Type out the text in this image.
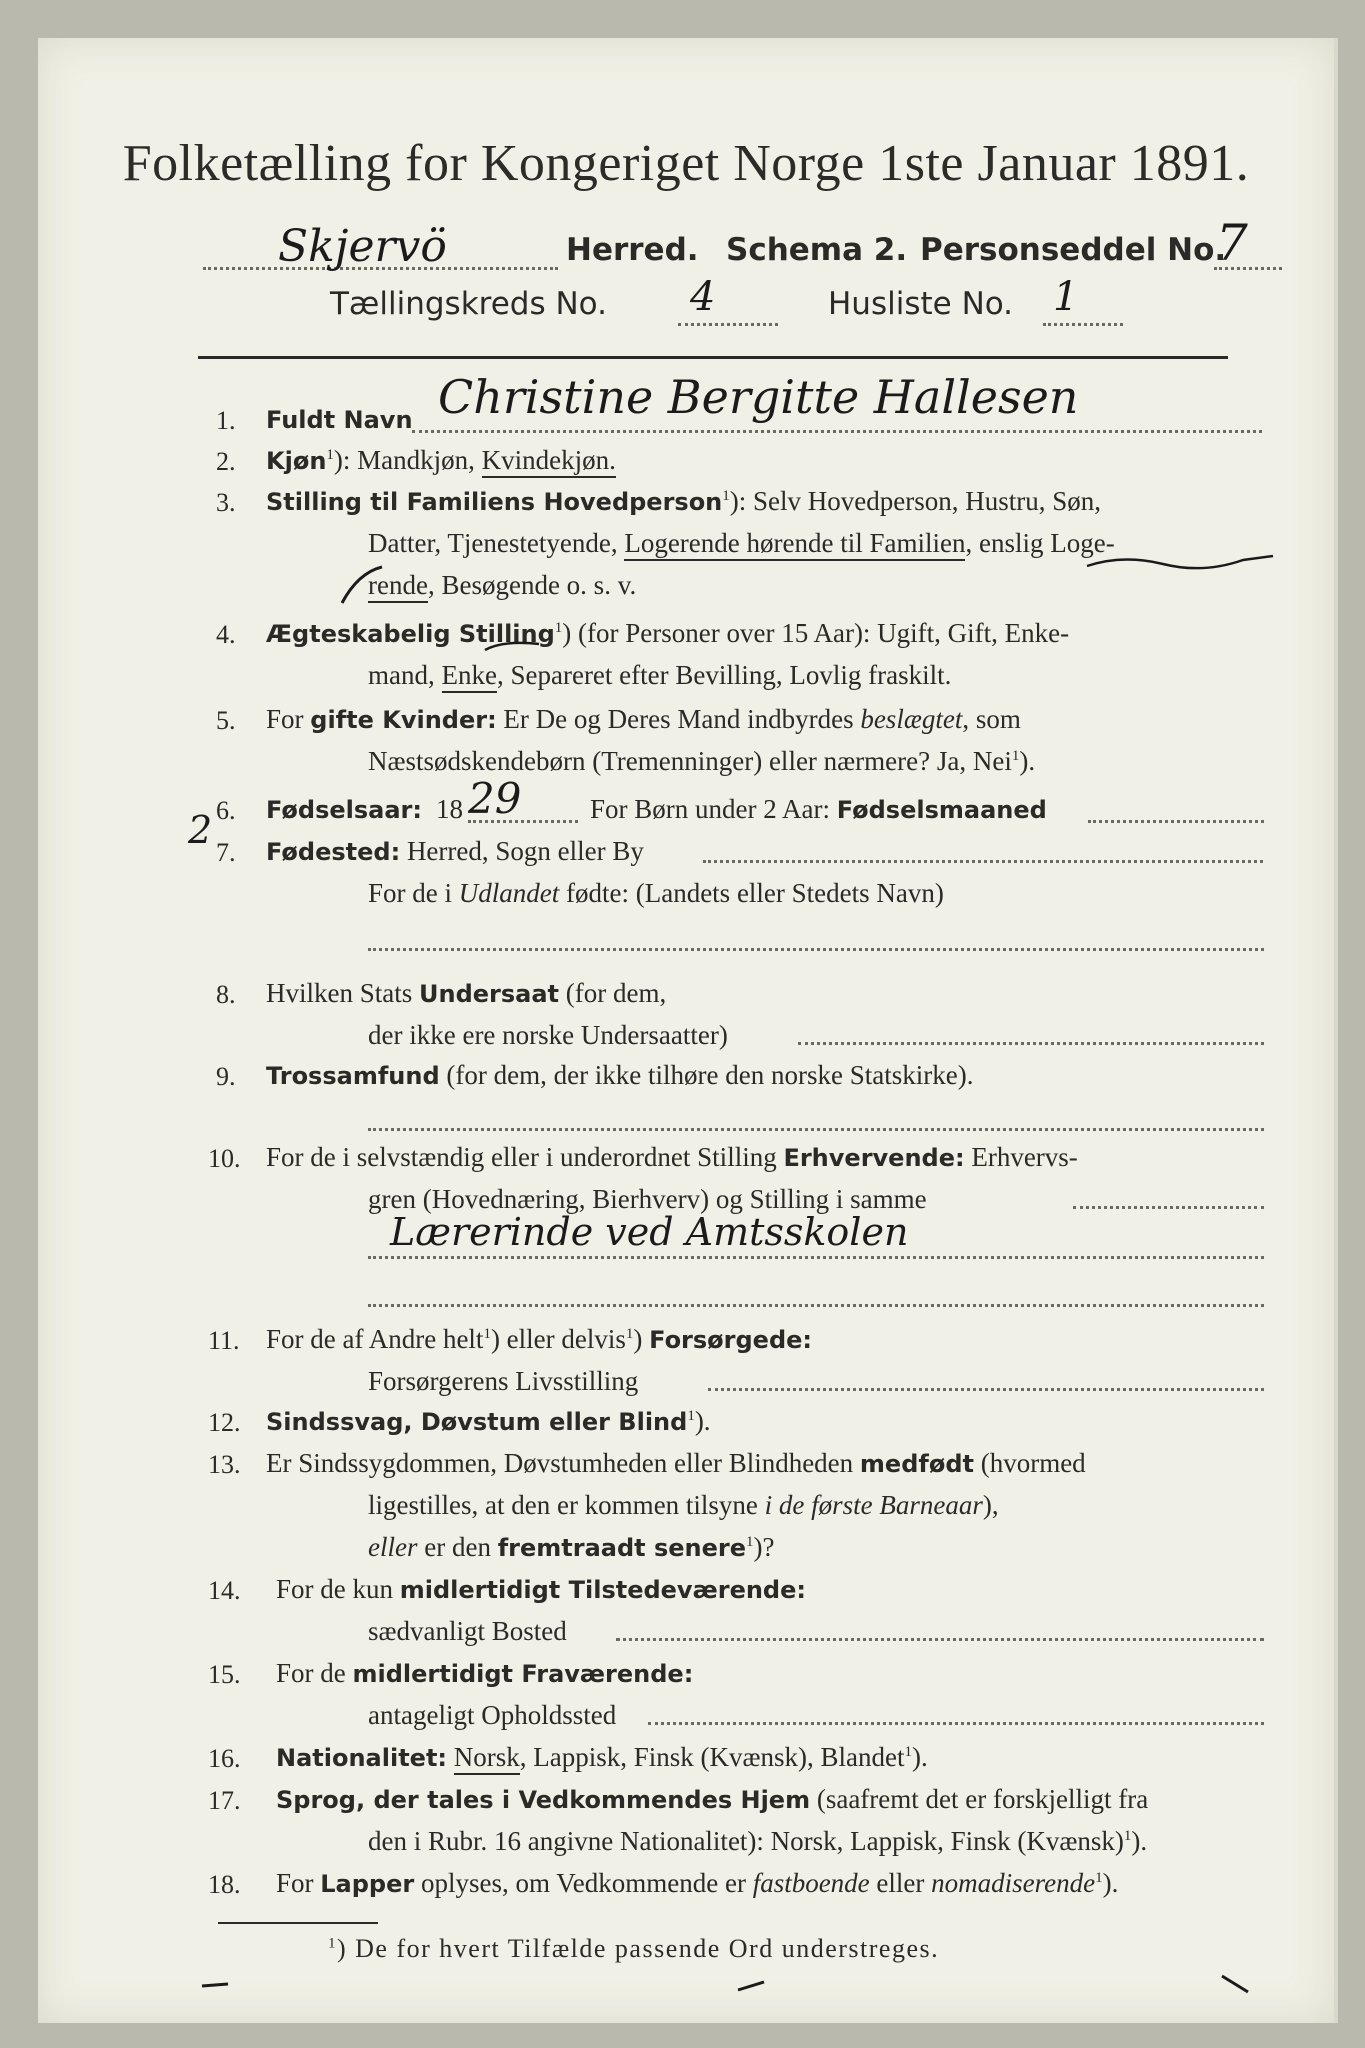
Folketælling for Kongeriget Norge 1ste Januar 1891.
Skjervö	Herred. Schema 2. Personseddel No.
7
Tællingskreds No. 4	Husliste No. 1
1. Fuldt Navn Christine Bergitte Hallesen
2. Kjøn$^1$): Mandkjøn, Kvindekjøn.
3. Stilling til Familiens Hovedperson$^1$): Selv Hovedperson, Hustru, Søn,
Datter, Tjenestetyende, Logerende hørende til Familien, enslig Loge-
rende, Besøgende o. s. v.
4. Ægteskabelig Stilling$^1$) (for Personer over 15 Aar): Ugift, Gift, Enke-
mand, Enke, Separeret efter Bevilling, Lovlig fraskilt.
5. For gifte Kvinder: Er De og Deres Mand indbyrdes beslægtet, som
Næstsødskendebørn (Tremenninger) eller nærmere? Ja, Nei$^1$).
6. Fødselsaar: 18 29	For Børn under 2 Aar: Fødselsmaaned
2
7. Fødested: Herred, Sogn eller By
For de i Udlandet fødte: (Landets eller Stedets Navn)
8. Hvilken Stats Undersaat (for dem,
der ikke ere norske Undersaatter)
9. Trossamfund (for dem, der ikke tilhøre den norske Statskirke).
10. For de i selvstændig eller i underordnet Stilling Erhvervende: Erhvervs-
gren (Hovednæring, Bierhverv) og Stilling i samme
Lærerinde ved Amtsskolen
11. For de af Andre helt$^1$) eller delvis$^1$) Forsørgede:
Forsørgerens Livsstilling
12. Sindssvag, Døvstum eller Blind$^1$).
13. Er Sindssygdommen, Døvstumheden eller Blindheden medfødt (hvormed
ligestilles, at den er kommen tilsyne i de første Barneaar),
eller er den fremtraadt senere$^1$)?
14. For de kun midlertidigt Tilstedeværende:
sædvanligt Bosted
15. For de midlertidigt Fraværende:
antageligt Opholdssted
16. Nationalitet: Norsk, Lappisk, Finsk (Kvænsk), Blandet$^1$).
17. Sprog, der tales i Vedkommendes Hjem (saafremt det er forskjelligt fra
den i Rubr. 16 angivne Nationalitet): Norsk, Lappisk, Finsk (Kvænsk)$^1$).
18. For Lapper oplyses, om Vedkommende er fastboende eller nomadiserende$^1$).
$^1$) De for hvert Tilfælde passende Ord understreges.
